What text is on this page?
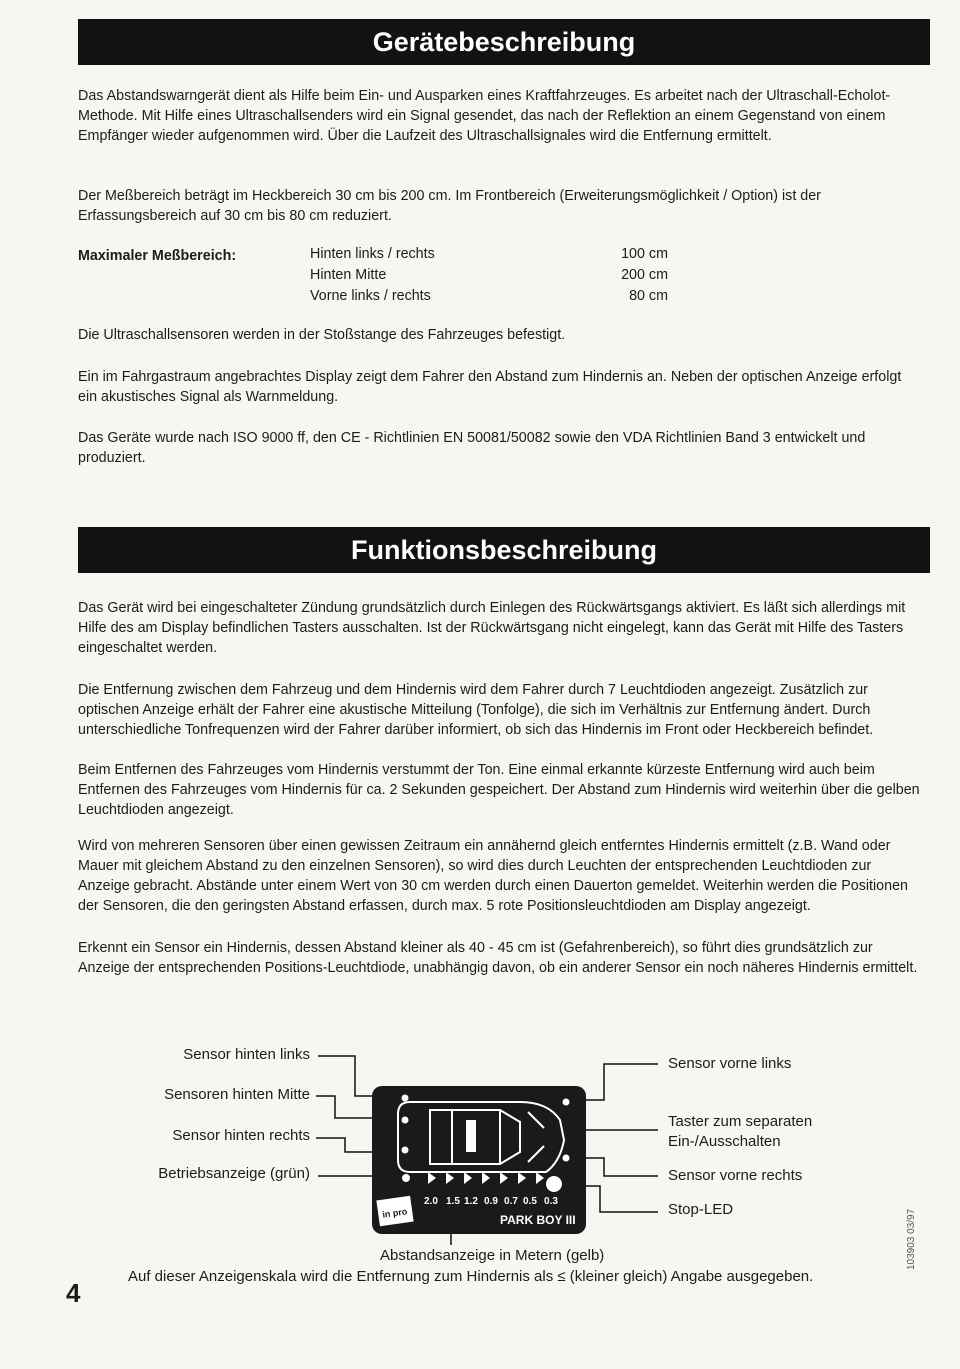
Gerätebeschreibung

Das Abstandswarngerät dient als Hilfe beim Ein- und Ausparken eines Kraftfahrzeuges. Es arbeitet nach der Ultraschall-Echolot-Methode. Mit Hilfe eines Ultraschallsenders wird ein Signal gesendet, das nach der Reflektion an einem Gegenstand von einem Empfänger wieder aufgenommen wird. Über die Laufzeit des Ultraschallsignales wird die Entfernung ermittelt.

Der Meßbereich beträgt im Heckbereich 30 cm bis 200 cm. Im Frontbereich (Erweiterungsmöglichkeit / Option) ist der Erfassungsbereich auf 30 cm bis 80 cm reduziert.

Maximaler Meßbereich:	Hinten links / rechts	100 cm
Hinten Mitte	200 cm
Vorne links / rechts	80 cm

Die Ultraschallsensoren werden in der Stoßstange des Fahrzeuges befestigt.

Ein im Fahrgastraum angebrachtes Display zeigt dem Fahrer den Abstand zum Hindernis an. Neben der optischen Anzeige erfolgt ein akustisches Signal als Warnmeldung.

Das Geräte wurde nach ISO 9000 ff, den CE - Richtlinien EN 50081/50082 sowie den VDA Richtlinien Band 3 entwickelt und produziert.

Funktionsbeschreibung

Das Gerät wird bei eingeschalteter Zündung grundsätzlich durch Einlegen des Rückwärtsgangs aktiviert. Es läßt sich allerdings mit Hilfe des am Display befindlichen Tasters ausschalten. Ist der Rückwärtsgang nicht eingelegt, kann das Gerät mit Hilfe des Tasters eingeschaltet werden.

Die Entfernung zwischen dem Fahrzeug und dem Hindernis wird dem Fahrer durch 7 Leuchtdioden angezeigt. Zusätzlich zur optischen Anzeige erhält der Fahrer eine akustische Mitteilung (Tonfolge), die sich im Verhältnis zur Entfernung ändert. Durch unterschiedliche Tonfrequenzen wird der Fahrer darüber informiert, ob sich das Hindernis im Front oder Heckbereich befindet.

Beim Entfernen des Fahrzeuges vom Hindernis verstummt der Ton. Eine einmal erkannte kürzeste Entfernung wird auch beim Entfernen des Fahrzeuges vom Hindernis für ca. 2 Sekunden gespeichert. Der Abstand zum Hindernis wird weiterhin über die gelben Leuchtdioden angezeigt.

Wird von mehreren Sensoren über einen gewissen Zeitraum ein annähernd gleich entferntes Hindernis ermittelt (z.B. Wand oder Mauer mit gleichem Abstand zu den einzelnen Sensoren), so wird dies durch Leuchten der entsprechenden Leuchtdioden zur Anzeige gebracht. Abstände unter einem Wert von 30 cm werden durch einen Dauerton gemeldet. Weiterhin werden die Positionen der Sensoren, die den geringsten Abstand erfassen, durch max. 5 rote Positionsleuchtdioden am Display angezeigt.

Erkennt ein Sensor ein Hindernis, dessen Abstand kleiner als 40 - 45 cm ist (Gefahrenbereich), so führt dies grundsätzlich zur Anzeige der entsprechenden Positions-Leuchtdiode, unabhängig davon, ob ein anderer Sensor ein noch näheres Hindernis ermittelt.

2.0 1.5 1.2 0.9 0.7 0.5 0.3
PARK BOY III
in pro
Sensor hinten links
Sensoren hinten Mitte
Sensor hinten rechts
Betriebsanzeige (grün)
Sensor vorne links
Taster zum separaten Ein-/Ausschalten
Sensor vorne rechts
Stop-LED
Abstandsanzeige in Metern (gelb)
Auf dieser Anzeigenskala wird die Entfernung zum Hindernis als ≤ (kleiner gleich) Angabe ausgegeben.
4
103903 03/97
